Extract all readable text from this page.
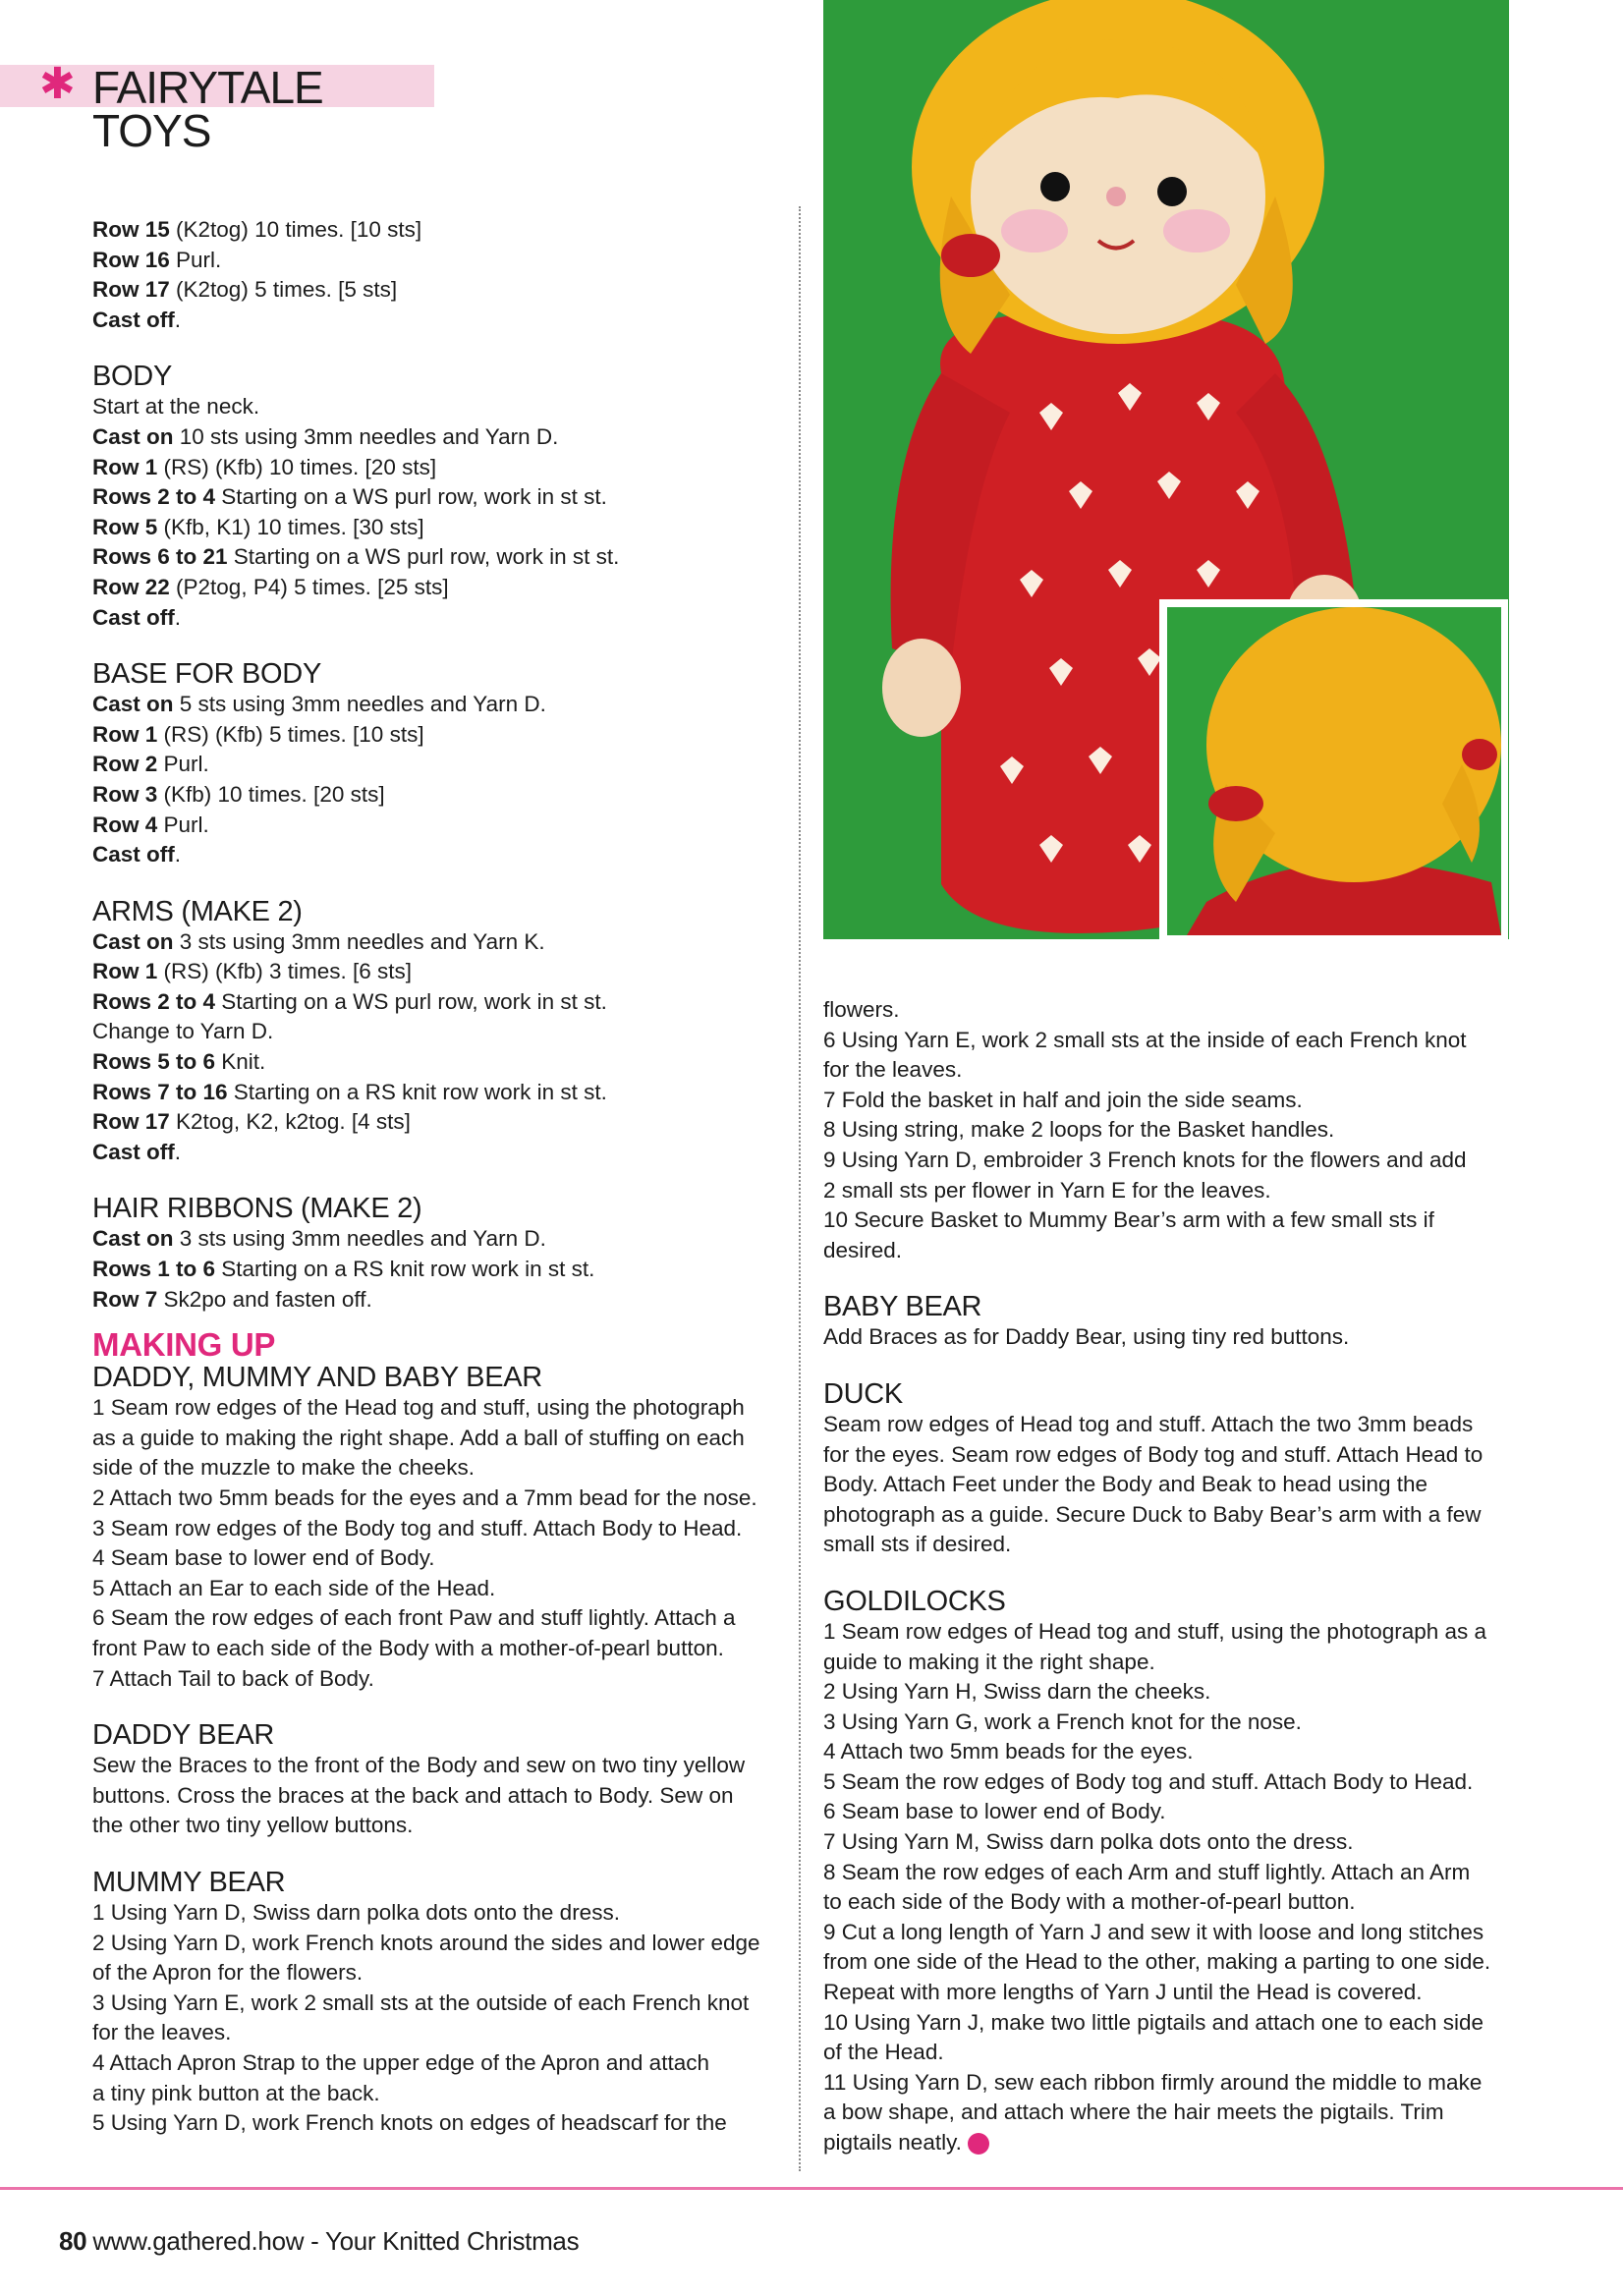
✱ FAIRYTALE TOYS
Row 15 (K2tog) 10 times. [10 sts]
Row 16 Purl.
Row 17 (K2tog) 5 times. [5 sts]
Cast off.
BODY
Start at the neck.
Cast on 10 sts using 3mm needles and Yarn D.
Row 1 (RS) (Kfb) 10 times. [20 sts]
Rows 2 to 4 Starting on a WS purl row, work in st st.
Row 5 (Kfb, K1) 10 times. [30 sts]
Rows 6 to 21 Starting on a WS purl row, work in st st.
Row 22 (P2tog, P4) 5 times. [25 sts]
Cast off.
BASE FOR BODY
Cast on 5 sts using 3mm needles and Yarn D.
Row 1 (RS) (Kfb) 5 times. [10 sts]
Row 2 Purl.
Row 3 (Kfb) 10 times. [20 sts]
Row 4 Purl.
Cast off.
ARMS (MAKE 2)
Cast on 3 sts using 3mm needles and Yarn K.
Row 1 (RS) (Kfb) 3 times. [6 sts]
Rows 2 to 4 Starting on a WS purl row, work in st st.
Change to Yarn D.
Rows 5 to 6 Knit.
Rows 7 to 16 Starting on a RS knit row work in st st.
Row 17 K2tog, K2, k2tog. [4 sts]
Cast off.
HAIR RIBBONS (MAKE 2)
Cast on 3 sts using 3mm needles and Yarn D.
Rows 1 to 6 Starting on a RS knit row work in st st.
Row 7 Sk2po and fasten off.
MAKING UP
DADDY, MUMMY AND BABY BEAR
1 Seam row edges of the Head tog and stuff, using the photograph
as a guide to making the right shape. Add a ball of stuffing on each
side of the muzzle to make the cheeks.
2 Attach two 5mm beads for the eyes and a 7mm bead for the nose.
3 Seam row edges of the Body tog and stuff. Attach Body to Head.
4 Seam base to lower end of Body.
5 Attach an Ear to each side of the Head.
6 Seam the row edges of each front Paw and stuff lightly. Attach a
front Paw to each side of the Body with a mother-of-pearl button.
7 Attach Tail to back of Body.
DADDY BEAR
Sew the Braces to the front of the Body and sew on two tiny yellow
buttons. Cross the braces at the back and attach to Body. Sew on
the other two tiny yellow buttons.
MUMMY BEAR
1 Using Yarn D, Swiss darn polka dots onto the dress.
2 Using Yarn D, work French knots around the sides and lower edge
of the Apron for the flowers.
3 Using Yarn E, work 2 small sts at the outside of each French knot
for the leaves.
4 Attach Apron Strap to the upper edge of the Apron and attach
a tiny pink button at the back.
5 Using Yarn D, work French knots on edges of headscarf for the
flowers.
6 Using Yarn E, work 2 small sts at the inside of each French knot
for the leaves.
7 Fold the basket in half and join the side seams.
8 Using string, make 2 loops for the Basket handles.
9 Using Yarn D, embroider 3 French knots for the flowers and add
2 small sts per flower in Yarn E for the leaves.
10 Secure Basket to Mummy Bear’s arm with a few small sts if
desired.
BABY BEAR
Add Braces as for Daddy Bear, using tiny red buttons.
DUCK
Seam row edges of Head tog and stuff. Attach the two 3mm beads
for the eyes. Seam row edges of Body tog and stuff. Attach Head to
Body. Attach Feet under the Body and Beak to head using the
photograph as a guide. Secure Duck to Baby Bear’s arm with a few
small sts if desired.
GOLDILOCKS
1 Seam row edges of Head tog and stuff, using the photograph as a
guide to making it the right shape.
2 Using Yarn H, Swiss darn the cheeks.
3 Using Yarn G, work a French knot for the nose.
4 Attach two 5mm beads for the eyes.
5 Seam the row edges of Body tog and stuff. Attach Body to Head.
6 Seam base to lower end of Body.
7 Using Yarn M, Swiss darn polka dots onto the dress.
8 Seam the row edges of each Arm and stuff lightly. Attach an Arm
to each side of the Body with a mother-of-pearl button.
9 Cut a long length of Yarn J and sew it with loose and long stitches
from one side of the Head to the other, making a parting to one side.
Repeat with more lengths of Yarn J until the Head is covered.
10 Using Yarn J, make two little pigtails and attach one to each side
of the Head.
11 Using Yarn D, sew each ribbon firmly around the middle to make
a bow shape, and attach where the hair meets the pigtails. Trim
pigtails neatly.
80 www.gathered.how - Your Knitted Christmas
